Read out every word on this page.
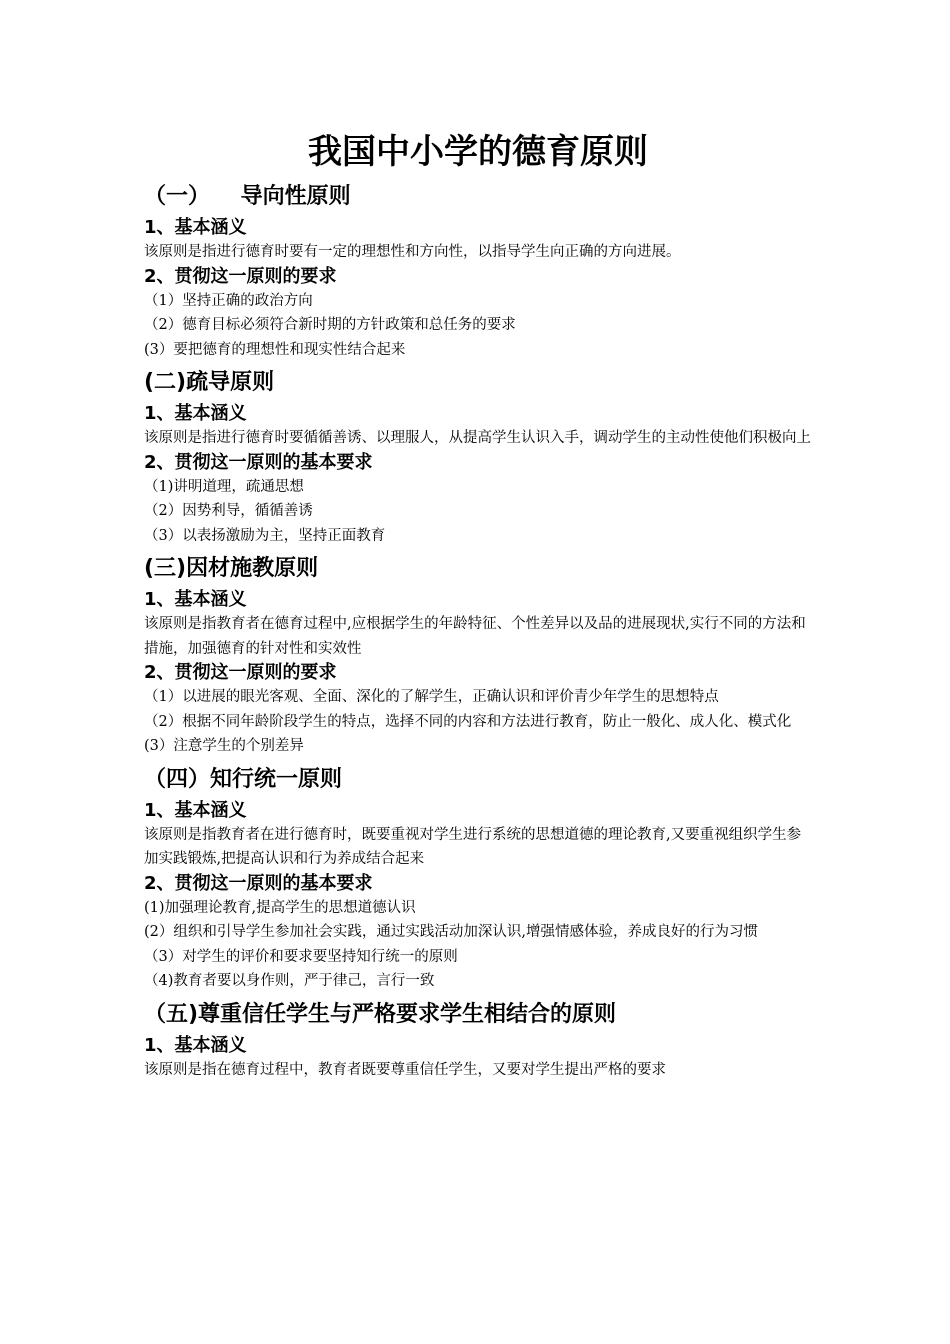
我国中小学的德育原则
（一）    导向性原则
1、基本涵义
该原则是指进行德育时要有一定的理想性和方向性，以指导学生向正确的方向进展。
2、贯彻这一原则的要求
（1）坚持正确的政治方向
（2）德育目标必须符合新时期的方针政策和总任务的要求
(3）要把德育的理想性和现实性结合起来
(二)疏导原则
1、基本涵义
该原则是指进行德育时要循循善诱、以理服人，从提高学生认识入手，调动学生的主动性使他们积极向上
2、贯彻这一原则的基本要求
（1)讲明道理，疏通思想
（2）因势利导，循循善诱
（3）以表扬激励为主，坚持正面教育
(三)因材施教原则
1、基本涵义
该原则是指教育者在德育过程中,应根据学生的年龄特征、个性差异以及品的进展现状,实行不同的方法和措施，加强德育的针对性和实效性
2、贯彻这一原则的要求
（1）以进展的眼光客观、全面、深化的了解学生，正确认识和评价青少年学生的思想特点
（2）根据不同年龄阶段学生的特点，选择不同的内容和方法进行教育，防止一般化、成人化、模式化
(3）注意学生的个别差异
（四）知行统一原则
1、基本涵义
该原则是指教育者在进行德育时，既要重视对学生进行系统的思想道德的理论教育,又要重视组织学生参加实践锻炼,把提高认识和行为养成结合起来
2、贯彻这一原则的基本要求
(1)加强理论教育,提高学生的思想道德认识
(2）组织和引导学生参加社会实践，通过实践活动加深认识,增强情感体验，养成良好的行为习惯
（3）对学生的评价和要求要坚持知行统一的原则
（4)教育者要以身作则，严于律己，言行一致
（五)尊重信任学生与严格要求学生相结合的原则
1、基本涵义
该原则是指在德育过程中，教育者既要尊重信任学生，又要对学生提出严格的要求
